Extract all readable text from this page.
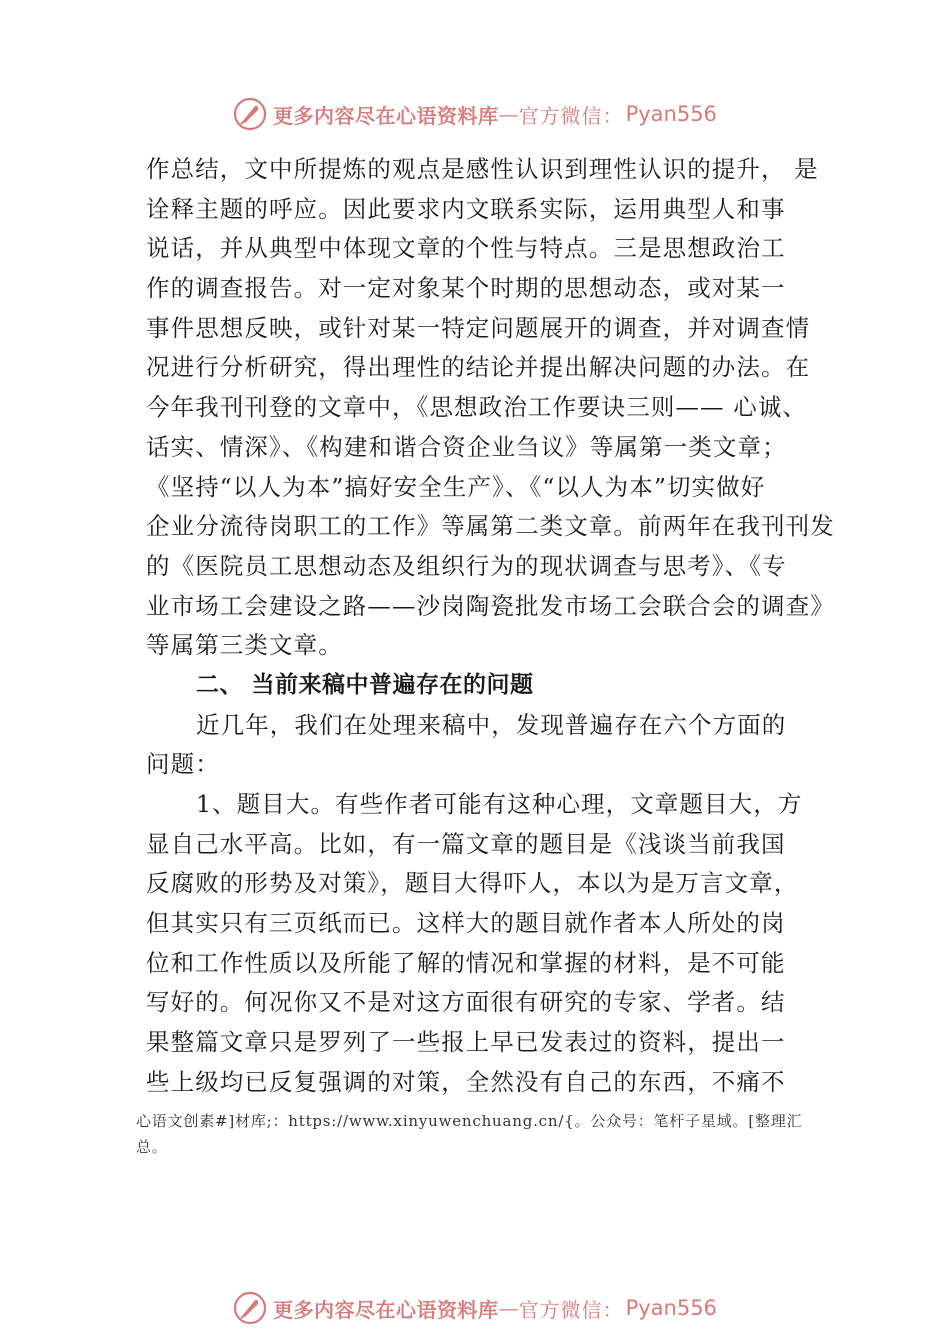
更多内容尽在心语资料库 — 官方微信： Pyan556
作总结，文中所提炼的观点是感性认识到理性认识的提升， 是
诠释主题的呼应。因此要求内文联系实际，运用典型人和事
说话，并从典型中体现文章的个性与特点。三是思想政治工
作的调查报告。对一定对象某个时期的思想动态，或对某一
事件思想反映，或针对某一特定问题展开的调查，并对调查情
况进行分析研究，得出理性的结论并提出解决问题的办法。在
今年我刊刊登的文章中，《思想政治工作要诀三则—— 心诚、
话实、情深》、《构建和谐合资企业刍议》等属第一类文章；
《坚持“以人为本”搞好安全生产》、《“以人为本”切实做好
企业分流待岗职工的工作》等属第二类文章。前两年在我刊刊发
的《医院员工思想动态及组织行为的现状调查与思考》、《专
业市场工会建设之路——沙岗陶瓷批发市场工会联合会的调查》
等属第三类文章。
二、 当前来稿中普遍存在的问题
近几年，我们在处理来稿中，发现普遍存在六个方面的
问题：
1、题目大。有些作者可能有这种心理，文章题目大，方
显自己水平高。比如，有一篇文章的题目是《浅谈当前我国
反腐败的形势及对策》，题目大得吓人，本以为是万言文章，
但其实只有三页纸而已。这样大的题目就作者本人所处的岗
位和工作性质以及所能了解的情况和掌握的材料，是不可能
写好的。何况你又不是对这方面很有研究的专家、学者。结
果整篇文章只是罗列了一些报上早已发表过的资料，提出一
些上级均已反复强调的对策，全然没有自己的东西，不痛不
心语文创素#]材库;：https://www.xinyuwenchuang.cn/{。公众号：笔杆子星域。[整理汇
总。
更多内容尽在心语资料库 — 官方微信： Pyan556
